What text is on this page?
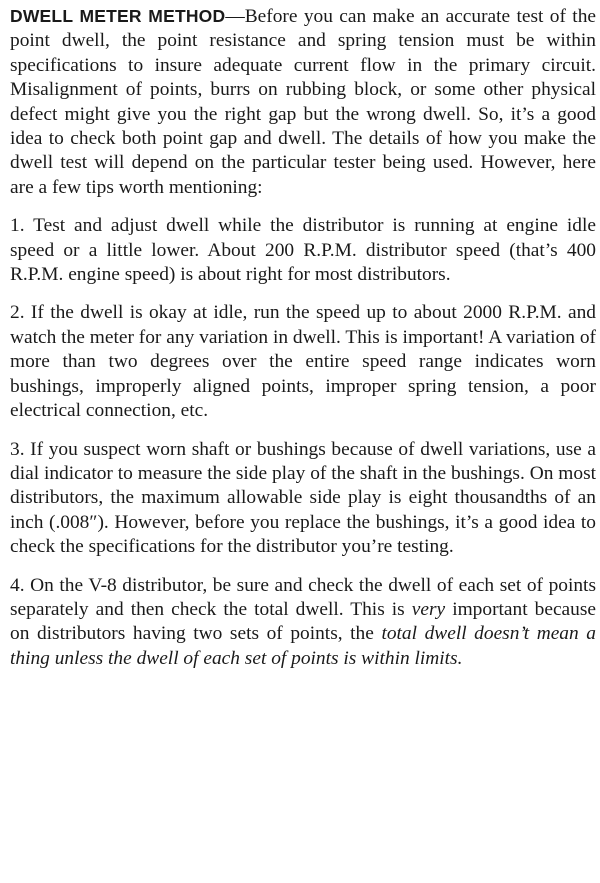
DWELL METER METHOD—Before you can make an accurate test of the point dwell, the point resistance and spring tension must be within specifications to insure adequate current flow in the primary circuit. Misalignment of points, burrs on rubbing block, or some other physical defect might give you the right gap but the wrong dwell. So, it’s a good idea to check both point gap and dwell. The details of how you make the dwell test will depend on the particular tester being used. However, here are a few tips worth mentioning:

1. Test and adjust dwell while the distributor is running at engine idle speed or a little lower. About 200 R.P.M. distributor speed (that’s 400 R.P.M. engine speed) is about right for most distributors.

2. If the dwell is okay at idle, run the speed up to about 2000 R.P.M. and watch the meter for any variation in dwell. This is important! A variation of more than two degrees over the entire speed range indicates worn bushings, improperly aligned points, improper spring tension, a poor electrical connection, etc.

3. If you suspect worn shaft or bushings because of dwell variations, use a dial indicator to measure the side play of the shaft in the bushings. On most distributors, the maximum allowable side play is eight thousandths of an inch (.008″). However, before you replace the bushings, it’s a good idea to check the specifications for the distributor you’re testing.

4. On the V-8 distributor, be sure and check the dwell of each set of points separately and then check the total dwell. This is very important because on distributors having two sets of points, the total dwell doesn’t mean a thing unless the dwell of each set of points is within limits.
